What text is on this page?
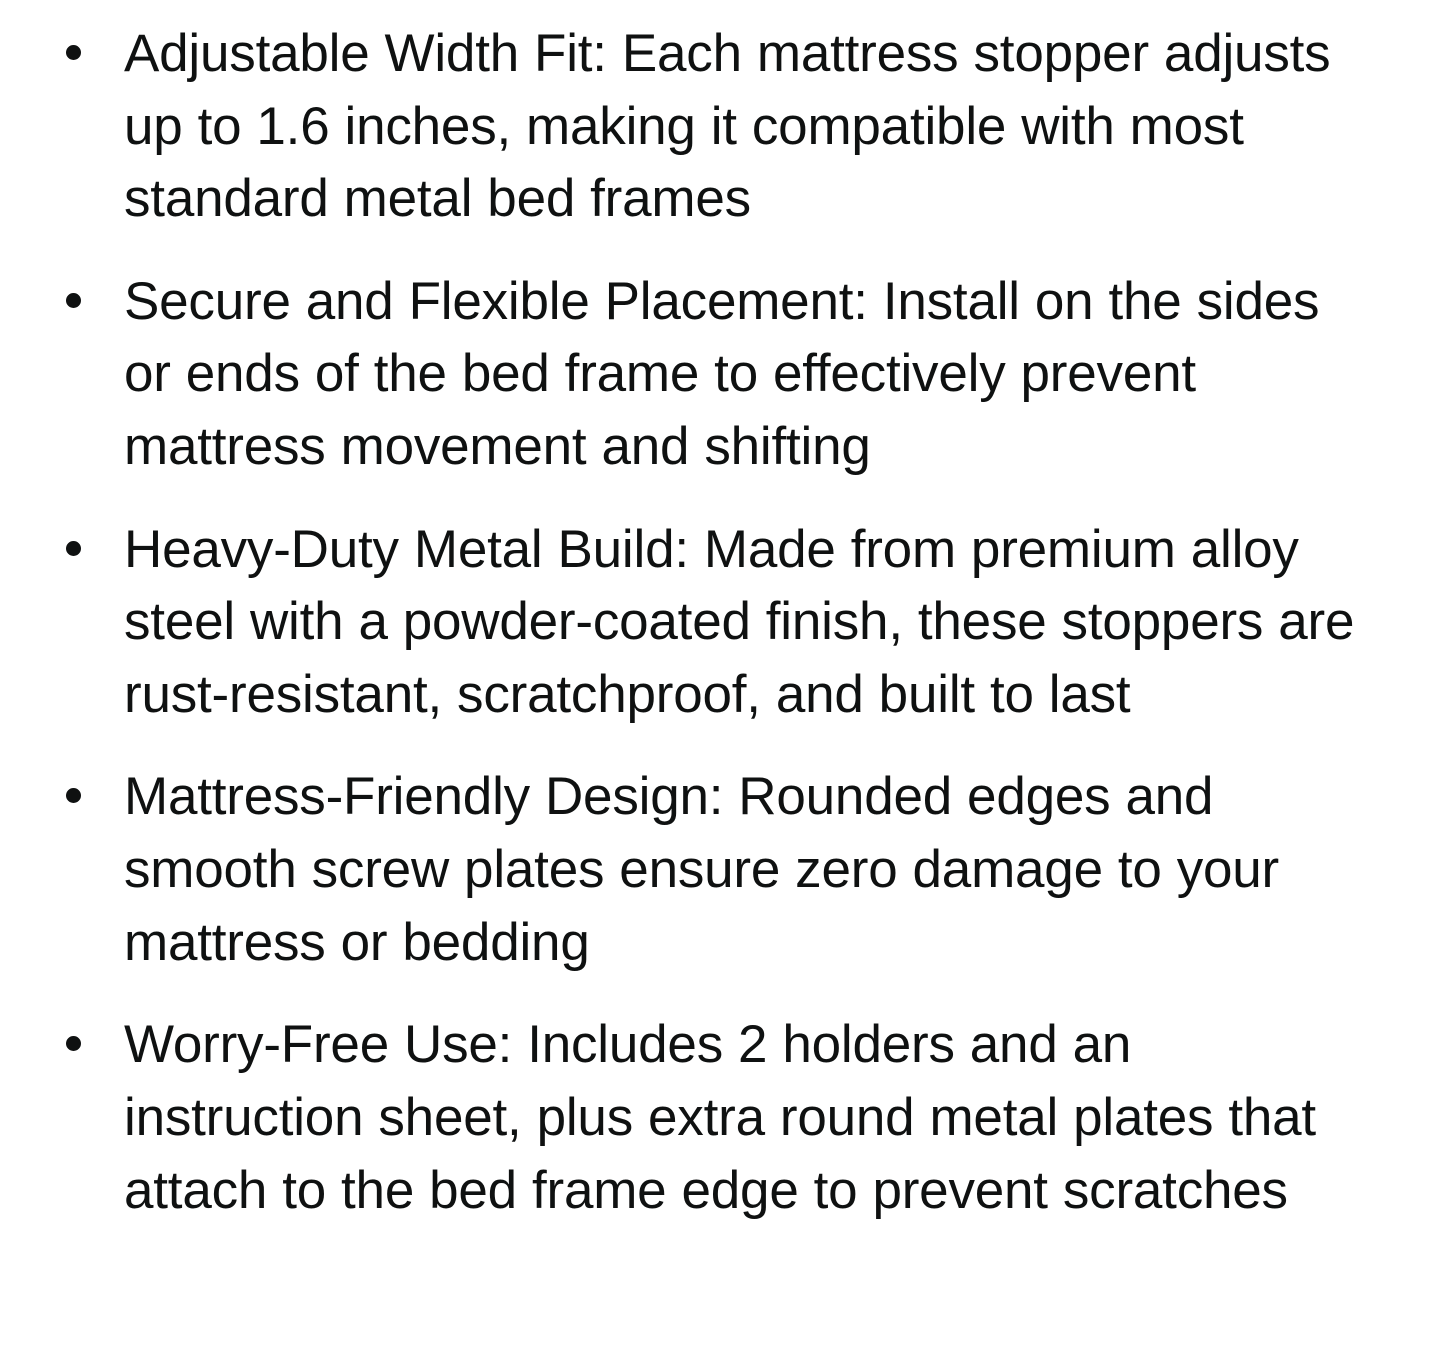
Adjustable Width Fit: Each mattress stopper adjusts up to 1.6 inches, making it compatible with most standard metal bed frames
Secure and Flexible Placement: Install on the sides or ends of the bed frame to effectively prevent mattress movement and shifting
Heavy-Duty Metal Build: Made from premium alloy steel with a powder-coated finish, these stoppers are rust-resistant, scratchproof, and built to last
Mattress-Friendly Design: Rounded edges and smooth screw plates ensure zero damage to your mattress or bedding
Worry-Free Use: Includes 2 holders and an instruction sheet, plus extra round metal plates that attach to the bed frame edge to prevent scratches
